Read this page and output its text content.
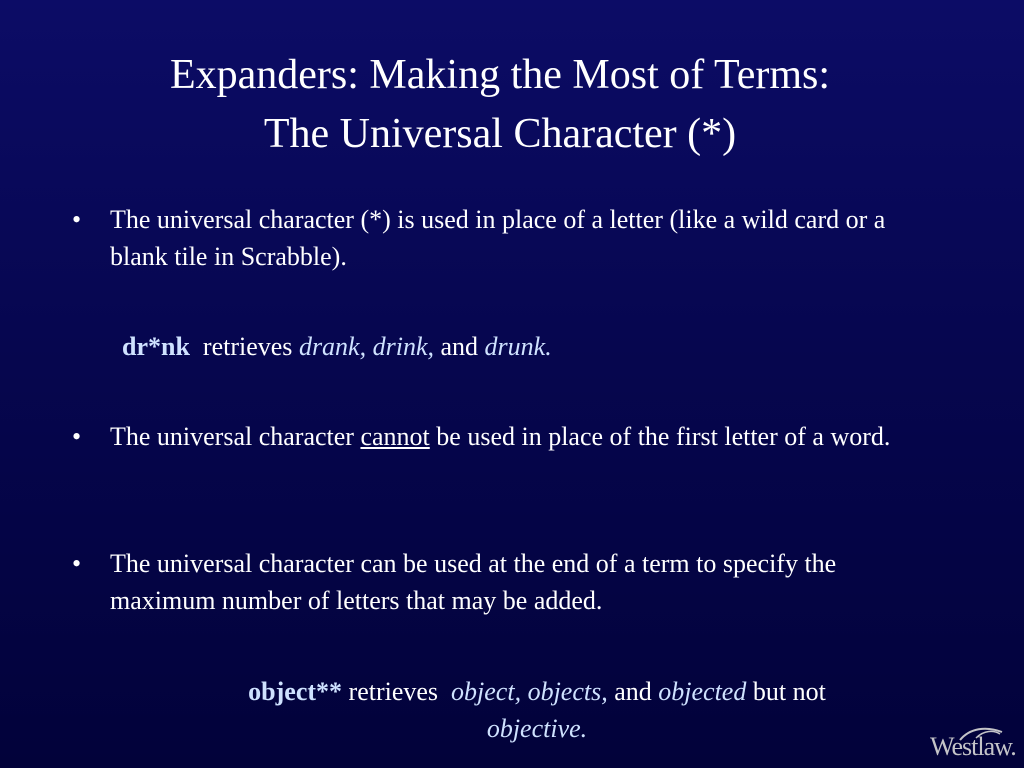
Expanders: Making the Most of Terms:
The Universal Character (*)
• The universal character (*) is used in place of a letter (like a wild card or a blank tile in Scrabble).
dr*nk retrieves drank, drink, and drunk.
• The universal character cannot be used in place of the first letter of a word.
• The universal character can be used at the end of a term to specify the maximum number of letters that may be added.
object** retrieves  object, objects, and objected but not
objective.
Westlaw.
